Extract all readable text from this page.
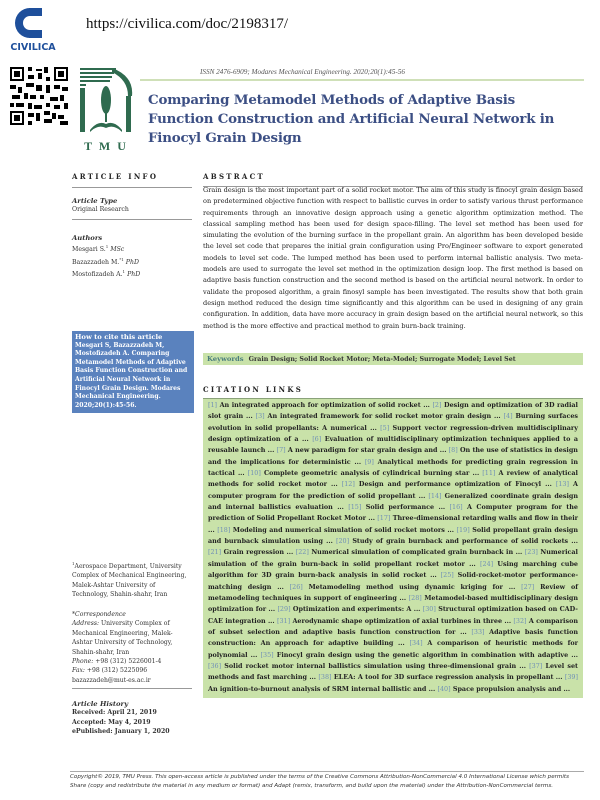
CIVILICA
https://civilica.com/doc/2198317/
T M U
ISSN 2476-6909; Modares Mechanical Engineering. 2020;20(1):45-56
Comparing Metamodel Methods of Adaptive Basis Function Construction and Artificial Neural Network in Finocyl Grain Design
ARTICLE INFO
Article Type
Original Research
Authors
Mesgari S.$^1$ MSc
Bazazzadeh M.$^{*1}$ PhD
Mostofizadeh A.$^1$ PhD
How to cite this article
Mesgari S, Bazazzadeh M, Mostofizadeh A. Comparing Metamodel Methods of Adaptive Basis Function Construction and Artificial Neural Network in Finocyl Grain Design. Modares Mechanical Engineering. 2020;20(1):45-56.
$^1$Aerospace Department, University Complex of Mechanical Engineering, Malek-Ashtar University of Technology, Shahin-shahr, Iran
*Correspondence
Address: University Complex of Mechanical Engineering, Malek-Ashtar University of Technology, Shahin-shahr, Iran
Phone: +98 (312) 5226001-4
Fax: +98 (312) 5225096
bazazzadeh@mut-es.ac.ir
Article History
Received: April 21, 2019
Accepted: May 4, 2019
ePublished: January 1, 2020
ABSTRACT
Grain design is the most important part of a solid rocket motor. The aim of this study is finocyl grain design based on predetermined objective function with respect to ballistic curves in order to satisfy various thrust performance requirements through an innovative design approach using a genetic algorithm optimization method. The classical sampling method has been used for design space-filling. The level set method has been used for simulating the evolution of the burning surface in the propellant grain. An algorithm has been developed beside the level set code that prepares the initial grain configuration using Pro/Engineer software to export generated models to level set code. The lumped method has been used to perform internal ballistic analysis. Two meta-models are used to surrogate the level set method in the optimization design loop. The first method is based on adaptive basis function construction and the second method is based on the artificial neural network. In order to validate the proposed algorithm, a grain finosyl sample has been investigated. The results show that both grain design method reduced the design time significantly and this algorithm can be used in designing of any grain configuration. In addition, data have more accuracy in grain design based on the artificial neural network, so this method is the more effective and practical method to grain burn-back training.
Keywords Grain Design; Solid Rocket Motor; Meta-Model; Surrogate Model; Level Set
CITATION LINKS
[1] An integrated approach for optimization of solid rocket ... [2] Design and optimization of 3D radial slot grain ... [3] An integrated framework for solid rocket motor grain design ... [4] Burning surfaces evolution in solid propellants: A numerical ... [5] Support vector regression-driven multidisciplinary design optimization of a ... [6] Evaluation of multidisciplinary optimization techniques applied to a reusable launch ... [7] A new paradigm for star grain design and ... [8] On the use of statistics in design and the implications for deterministic ... [9] Analytical methods for predicting grain regression in tactical ... [10] Complete geometric analysis of cylindrical burning star ... [11] A review of analytical methods for solid rocket motor ... [12] Design and performance optimization of Finocyl ... [13] A computer program for the prediction of solid propellant ... [14] Generalized coordinate grain design and internal ballistics evaluation ... [15] Solid performance ... [16] A Computer program for the prediction of Solid Propellant Rocket Motor ... [17] Three-dimensional retarding walls and flow in their ... [18] Modeling and numerical simulation of solid rocket motors ... [19] Solid propellant grain design and burnback simulation using ... [20] Study of grain burnback and performance of solid rockets ... [21] Grain regression ... [22] Numerical simulation of complicated grain burnback in ... [23] Numerical simulation of the grain burn-back in solid propellant rocket motor ... [24] Using marching cube algorithm for 3D grain burn-back analysis in solid rocket ... [25] Solid-rocket-motor performance-matching design ... [26] Metamodeling method using dynamic kriging for ... [27] Review of metamodeling techniques in support of engineering ... [28] Metamodel-based multidisciplinary design optimization for ... [29] Optimization and experiments: A ... [30] Structural optimization based on CAD-CAE integration ... [31] Aerodynamic shape optimization of axial turbines in three ... [32] A comparison of subset selection and adaptive basis function construction for ... [33] Adaptive basis function construction: An approach for adaptive building ... [34] A comparison of heuristic methods for polynomial ... [35] Finocyl grain design using the genetic algorithm in combination with adaptive ... [36] Solid rocket motor internal ballistics simulation using three-dimensional grain ... [37] Level set methods and fast marching ... [38] ELEA: A tool for 3D surface regression analysis in propellant ... [39] An ignition-to-burnout analysis of SRM internal ballistic and ... [40] Space propulsion analysis and ...
Copyright© 2019, TMU Press. This open-access article is published under the terms of the Creative Commons Attribution-NonCommercial 4.0 International License which permits Share (copy and redistribute the material in any medium or format) and Adapt (remix, transform, and build upon the material) under the Attribution-NonCommercial terms.
